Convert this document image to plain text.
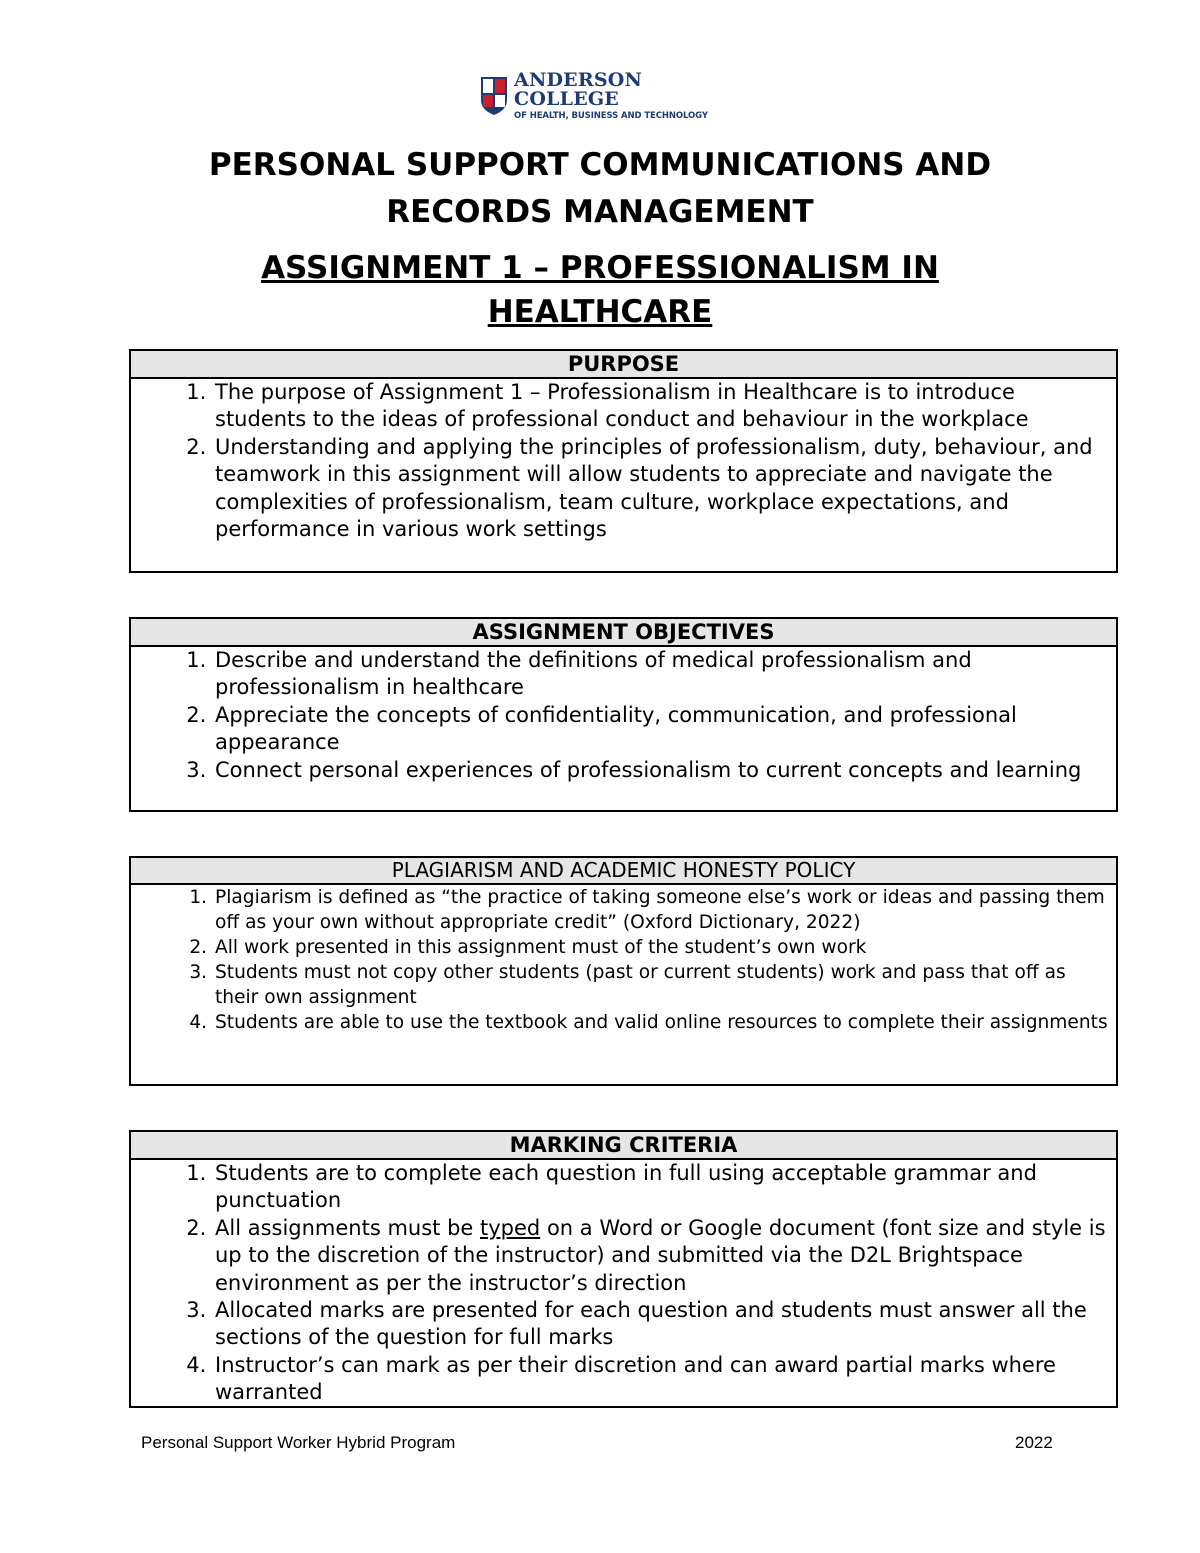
ANDERSON COLLEGE
OF HEALTH, BUSINESS AND TECHNOLOGY
PERSONAL SUPPORT COMMUNICATIONS AND
RECORDS MANAGEMENT
ASSIGNMENT 1 – PROFESSIONALISM IN
HEALTHCARE
PURPOSE
1. The purpose of Assignment 1 – Professionalism in Healthcare is to introduce students to the ideas of professional conduct and behaviour in the workplace
2. Understanding and applying the principles of professionalism, duty, behaviour, and teamwork in this assignment will allow students to appreciate and navigate the complexities of professionalism, team culture, workplace expectations, and performance in various work settings
ASSIGNMENT OBJECTIVES
1. Describe and understand the definitions of medical professionalism and professionalism in healthcare
2. Appreciate the concepts of confidentiality, communication, and professional appearance
3. Connect personal experiences of professionalism to current concepts and learning
PLAGIARISM AND ACADEMIC HONESTY POLICY
1. Plagiarism is defined as “the practice of taking someone else’s work or ideas and passing them off as your own without appropriate credit” (Oxford Dictionary, 2022)
2. All work presented in this assignment must of the student’s own work
3. Students must not copy other students (past or current students) work and pass that off as their own assignment
4. Students are able to use the textbook and valid online resources to complete their assignments
MARKING CRITERIA
1. Students are to complete each question in full using acceptable grammar and punctuation
2. All assignments must be typed on a Word or Google document (font size and style is up to the discretion of the instructor) and submitted via the D2L Brightspace environment as per the instructor’s direction
3. Allocated marks are presented for each question and students must answer all the sections of the question for full marks
4. Instructor’s can mark as per their discretion and can award partial marks where warranted
Personal Support Worker Hybrid Program	2022
